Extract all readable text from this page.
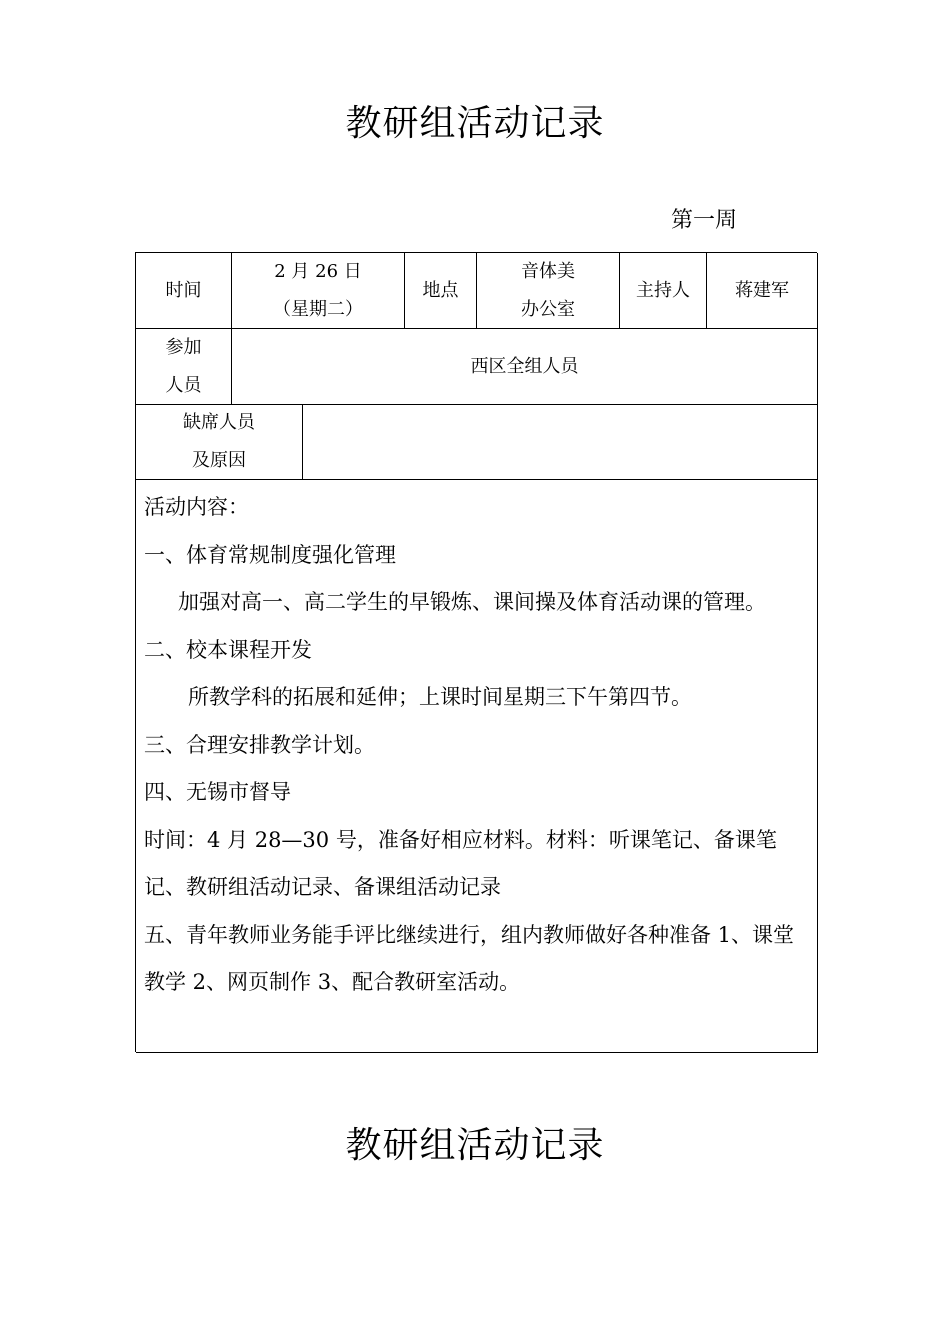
教研组活动记录
第一周
时间
2 月 26 日
（星期二）
地点
音体美
办公室
主持人	蒋建军
参加
人员
西区全组人员
缺席人员
及原因

活动内容：

一、体育常规制度强化管理

加强对高一、高二学生的早锻炼、课间操及体育活动课的管理。

二、校本课程开发

所教学科的拓展和延伸；上课时间星期三下午第四节。

三、合理安排教学计划。

四、无锡市督导

时间：4 月 28—30 号，准备好相应材料。材料：听课笔记、备课笔记、教研组活动记录、备课组活动记录

五、青年教师业务能手评比继续进行，组内教师做好各种准备 1、课堂教学 2、网页制作 3、配合教研室活动。

教研组活动记录
